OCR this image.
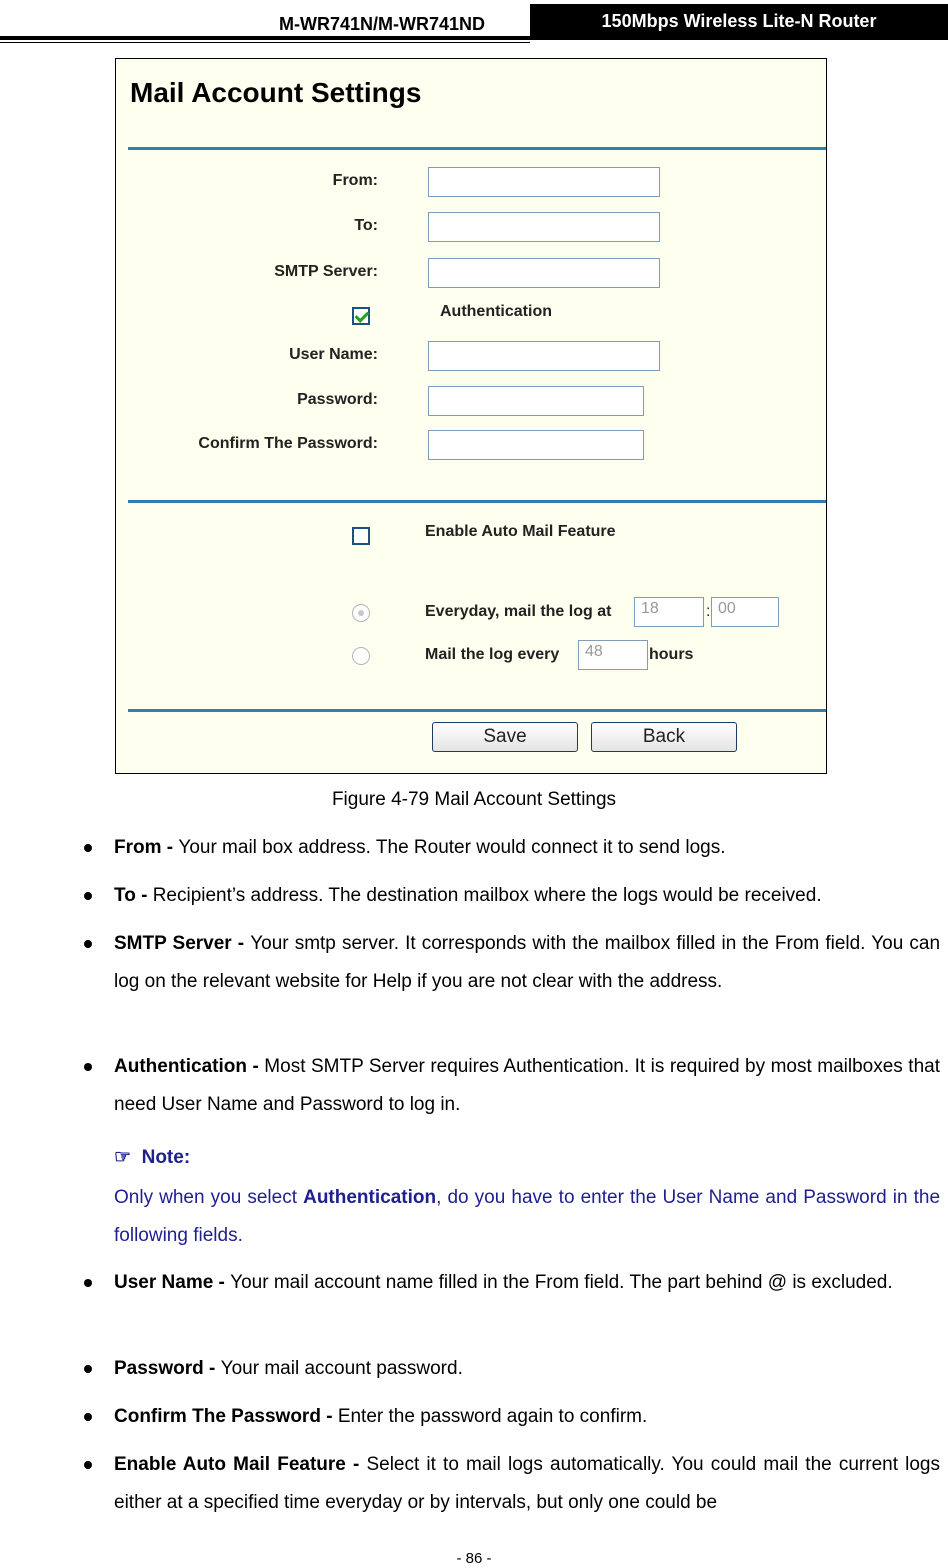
M-WR741N/M-WR741ND	150Mbps Wireless Lite-N Router
Mail Account Settings
From:
To:
SMTP Server:
Authentication
User Name:
Password:
Confirm The Password:
Enable Auto Mail Feature
Everyday, mail the log at	18	: 00
Mail the log every	48	hours
Save	Back
Figure 4-79 Mail Account Settings
From - Your mail box address. The Router would connect it to send logs.
To - Recipient’s address. The destination mailbox where the logs would be received.
SMTP Server - Your smtp server. It corresponds with the mailbox filled in the From field. You can log on the relevant website for Help if you are not clear with the address.
Authentication - Most SMTP Server requires Authentication. It is required by most mailboxes that need User Name and Password to log in.
☞ Note:
Only when you select Authentication, do you have to enter the User Name and Password in the following fields.
User Name - Your mail account name filled in the From field. The part behind @ is excluded.
Password - Your mail account password.
Confirm The Password - Enter the password again to confirm.
Enable Auto Mail Feature - Select it to mail logs automatically. You could mail the current logs either at a specified time everyday or by intervals, but only one could be
- 86 -
